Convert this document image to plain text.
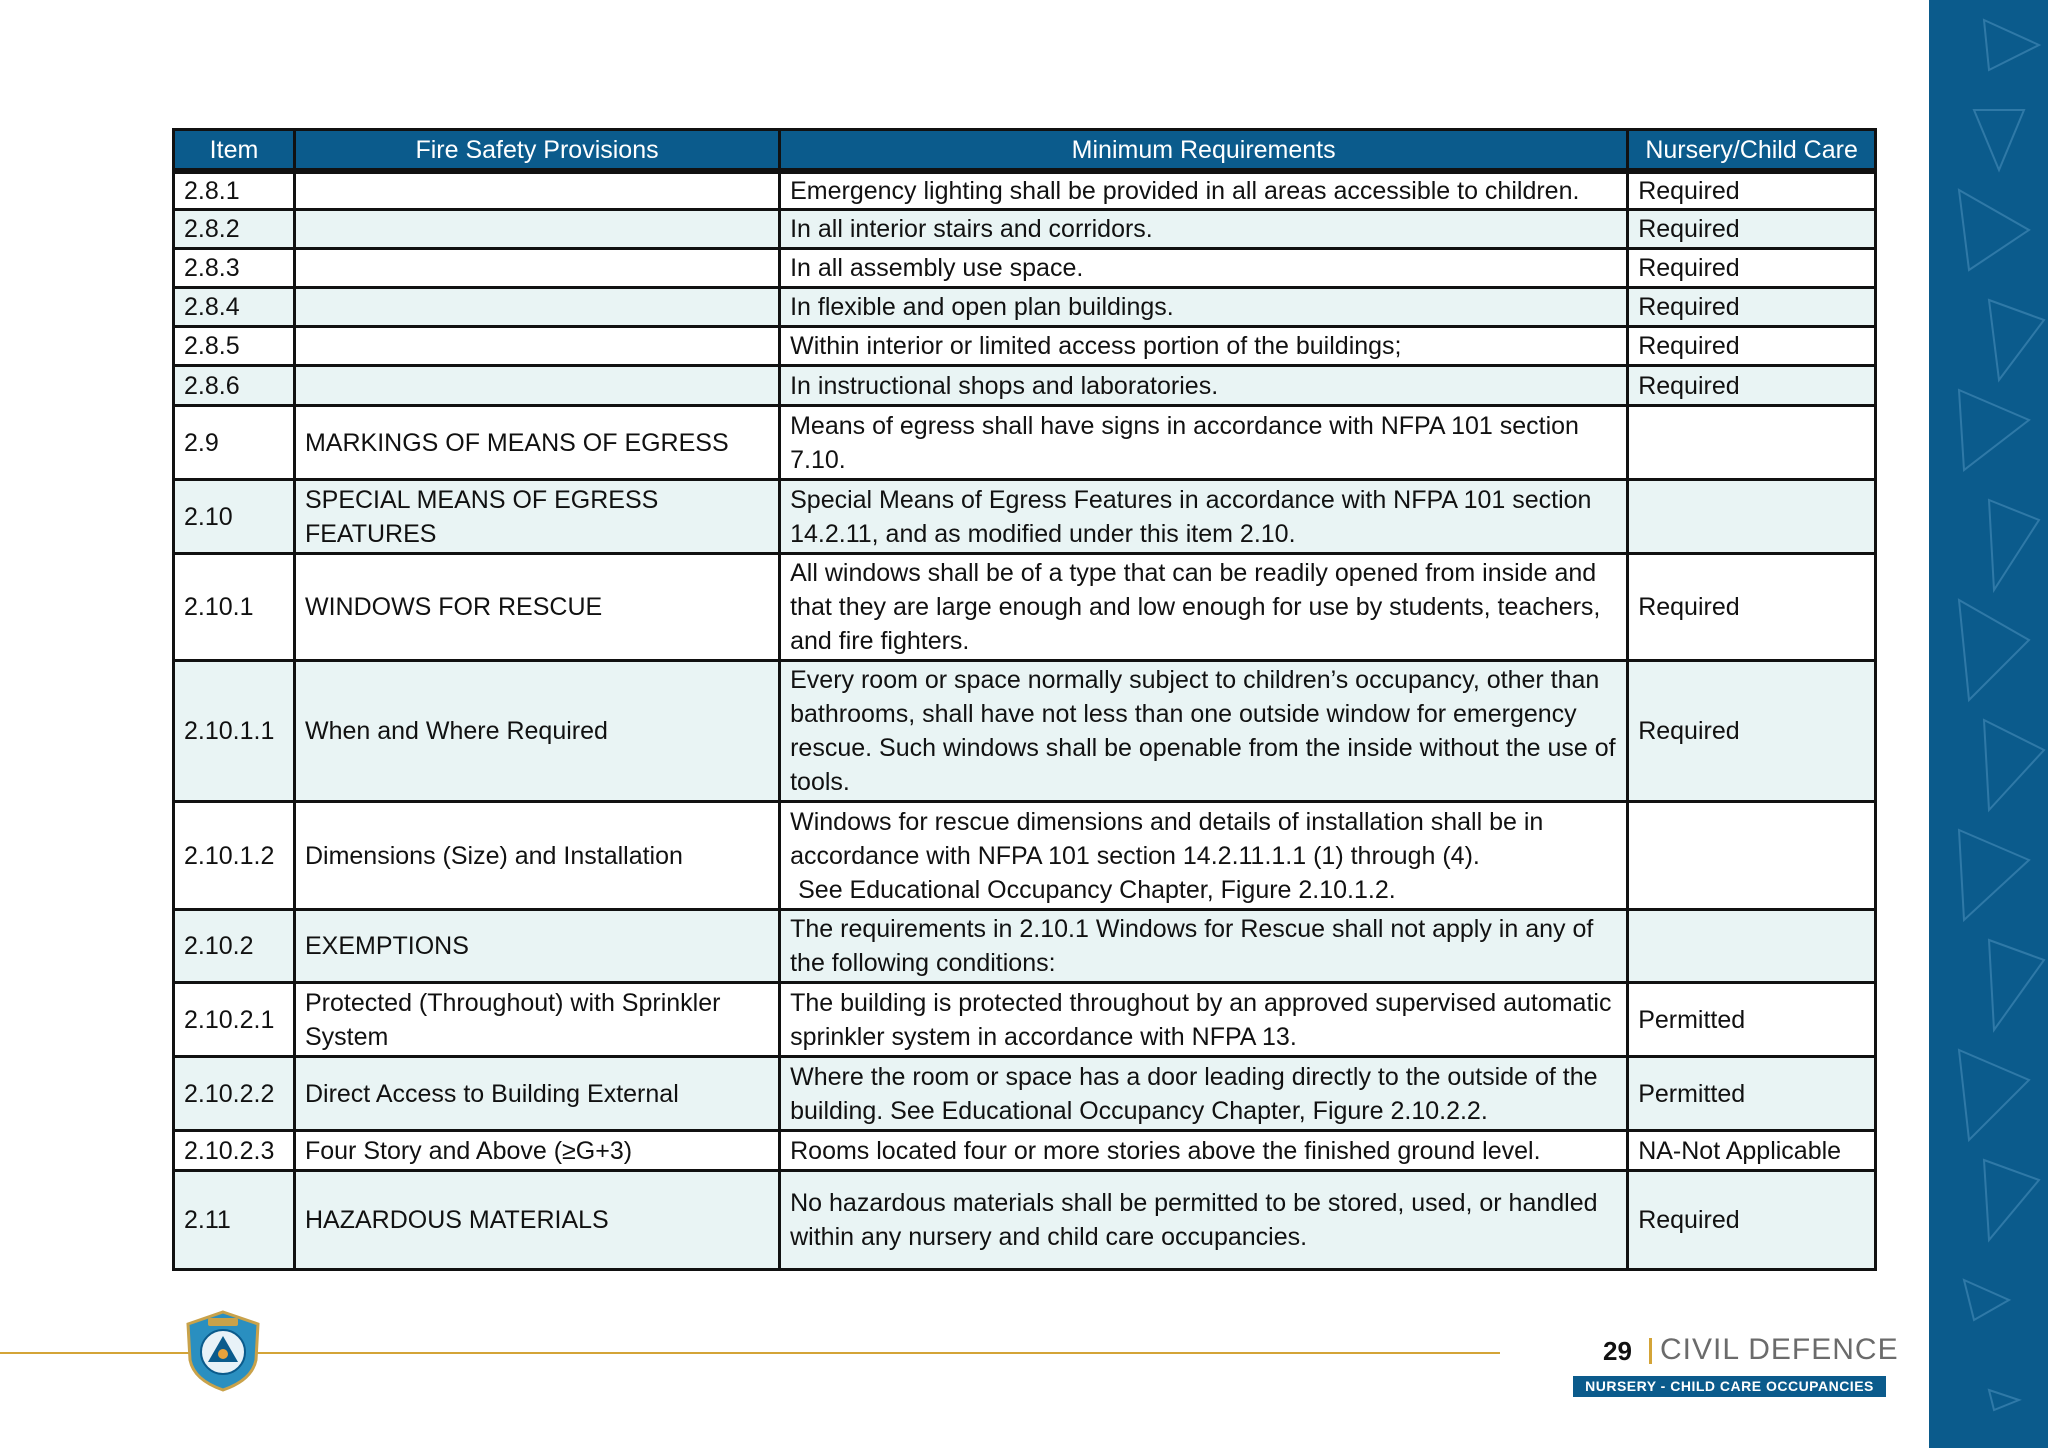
Item	Fire Safety Provisions	Minimum Requirements	Nursery/Child Care
2.8.1		Emergency lighting shall be provided in all areas accessible to children.	Required
2.8.2		In all interior stairs and corridors.	Required
2.8.3		In all assembly use space.	Required
2.8.4		In flexible and open plan buildings.	Required
2.8.5		Within interior or limited access portion of the buildings;	Required
2.8.6		In instructional shops and laboratories.	Required
2.9	MARKINGS OF MEANS OF EGRESS	Means of egress shall have signs in accordance with NFPA 101 section 7.10.	
2.10	SPECIAL MEANS OF EGRESS FEATURES	Special Means of Egress Features in accordance with NFPA 101 section 14.2.11, and as modified under this item 2.10.	
2.10.1	WINDOWS FOR RESCUE	All windows shall be of a type that can be readily opened from inside and that they are large enough and low enough for use by students, teachers, and fire fighters.	Required
2.10.1.1	When and Where Required	Every room or space normally subject to children’s occupancy, other than bathrooms, shall have not less than one outside window for emergency rescue. Such windows shall be openable from the inside without the use of tools.	Required
2.10.1.2	Dimensions (Size) and Installation	Windows for rescue dimensions and details of installation shall be in accordance with NFPA 101 section 14.2.11.1.1 (1) through (4).
See Educational Occupancy Chapter, Figure 2.10.1.2.	
2.10.2	EXEMPTIONS	The requirements in 2.10.1 Windows for Rescue shall not apply in any of the following conditions:	
2.10.2.1	Protected (Throughout) with Sprinkler System	The building is protected throughout by an approved supervised automatic sprinkler system in accordance with NFPA 13.	Permitted
2.10.2.2	Direct Access to Building External	Where the room or space has a door leading directly to the outside of the building. See Educational Occupancy Chapter, Figure 2.10.2.2.	Permitted
2.10.2.3	Four Story and Above (≥G+3)	Rooms located four or more stories above the finished ground level.	NA-Not Applicable
2.11	HAZARDOUS MATERIALS	No hazardous materials shall be permitted to be stored, used, or handled within any nursery and child care occupancies.	Required
29 CIVIL DEFENCE
NURSERY - CHILD CARE OCCUPANCIES
